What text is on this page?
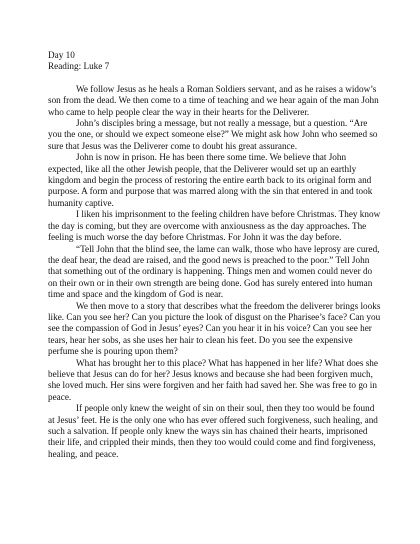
Day 10
Reading: Luke 7

We follow Jesus as he heals a Roman Soldiers servant, and as he raises a widow’s son from the dead. We then come to a time of teaching and we hear again of the man John who came to help people clear the way in their hearts for the Deliverer.

John’s disciples bring a message, but not really a message, but a question. “Are you the one, or should we expect someone else?” We might ask how John who seemed so sure that Jesus was the Deliverer come to doubt his great assurance.

John is now in prison. He has been there some time. We believe that John expected, like all the other Jewish people, that the Deliverer would set up an earthly kingdom and begin the process of restoring the entire earth back to its original form and purpose. A form and purpose that was marred along with the sin that entered in and took humanity captive.

I liken his imprisonment to the feeling children have before Christmas. They know the day is coming, but they are overcome with anxiousness as the day approaches. The feeling is much worse the day before Christmas. For John it was the day before.

“Tell John that the blind see, the lame can walk, those who have leprosy are cured, the deaf hear, the dead are raised, and the good news is preached to the poor.” Tell John that something out of the ordinary is happening. Things men and women could never do on their own or in their own strength are being done. God has surely entered into human time and space and the kingdom of God is near.

We then move to a story that describes what the freedom the deliverer brings looks like. Can you see her? Can you picture the look of disgust on the Pharisee’s face? Can you see the compassion of God in Jesus’ eyes? Can you hear it in his voice? Can you see her tears, hear her sobs, as she uses her hair to clean his feet. Do you see the expensive perfume she is pouring upon them?

What has brought her to this place? What has happened in her life? What does she believe that Jesus can do for her? Jesus knows and because she had been forgiven much, she loved much. Her sins were forgiven and her faith had saved her. She was free to go in peace.

If people only knew the weight of sin on their soul, then they too would be found at Jesus’ feet. He is the only one who has ever offered such forgiveness, such healing, and such a salvation. If people only knew the ways sin has chained their hearts, imprisoned their life, and crippled their minds, then they too would could come and find forgiveness, healing, and peace.
